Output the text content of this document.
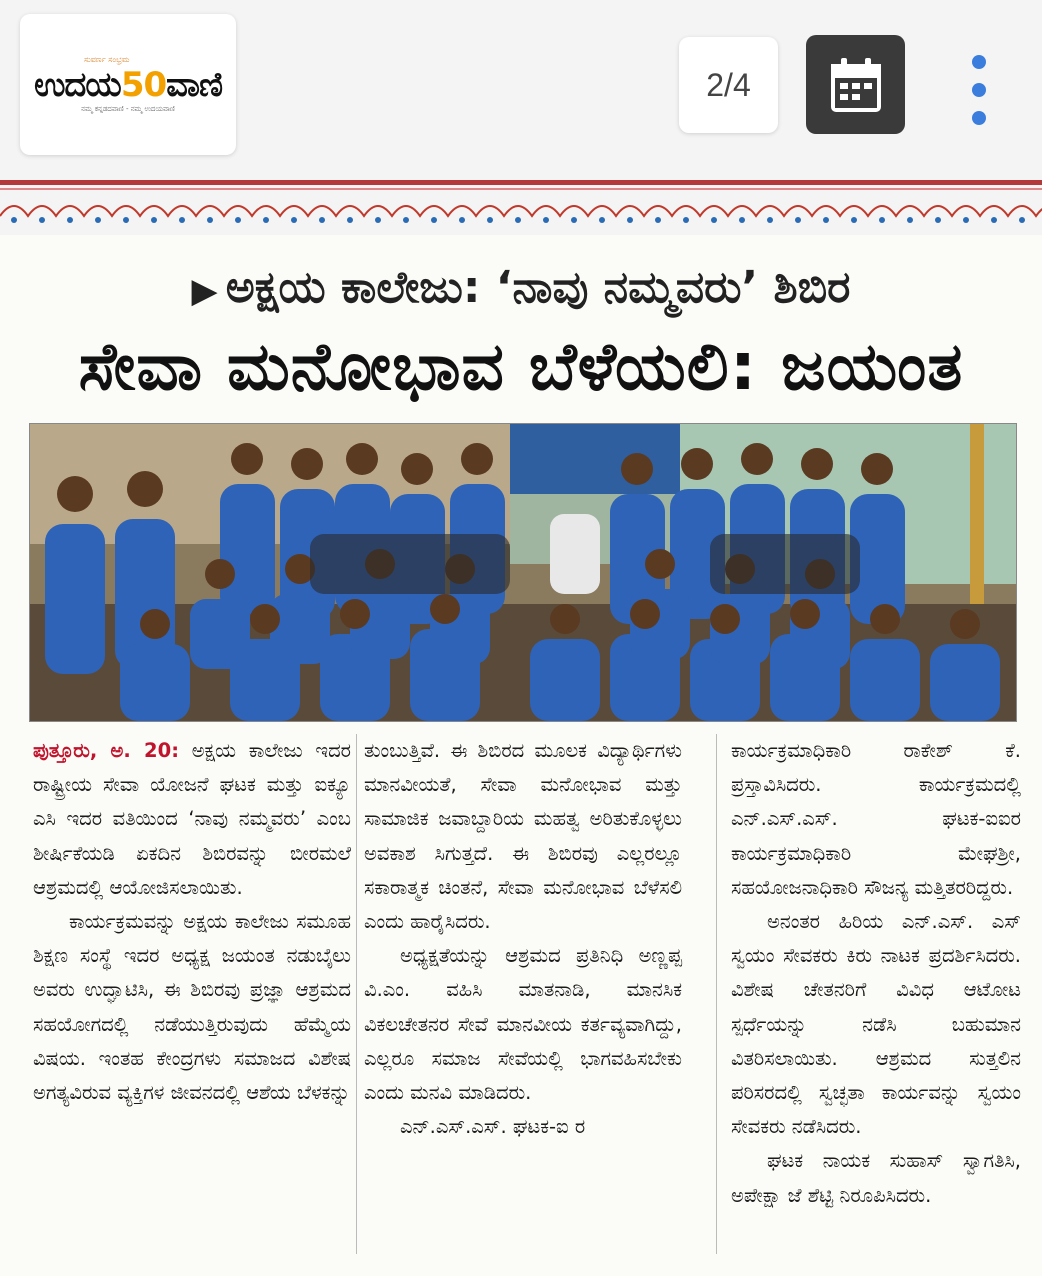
ಸುವರ್ಣ ಸಂಭ್ರಮ
ಉದಯ50ವಾಣಿ
ನಮ್ಮ ಕನ್ನಡದವಾಣಿ - ನಮ್ಮ ಉದಯವಾಣಿ
2/4
▶ ಅಕ್ಷಯ ಕಾಲೇಜು: ‘ನಾವು ನಮ್ಮವರು’ ಶಿಬಿರ
ಸೇವಾ ಮನೋಭಾವ ಬೆಳೆಯಲಿ: ಜಯಂತ

ಪುತ್ತೂರು, ಅ. 20: ಅಕ್ಷಯ ಕಾಲೇಜು ಇದರ ರಾಷ್ಟ್ರೀಯ ಸೇವಾ ಯೋಜನೆ ಘಟಕ ಮತ್ತು ಐಕ್ಯೂ ಎಸಿ ಇದರ ವತಿಯಿಂದ ‘ನಾವು ನಮ್ಮವರು’ ಎಂಬ ಶೀರ್ಷಿಕೆಯಡಿ ಏಕದಿನ ಶಿಬಿರವನ್ನು ಬೀರಮಲೆ ಆಶ್ರಮದಲ್ಲಿ ಆಯೋಜಿಸಲಾಯಿತು.

ಕಾರ್ಯಕ್ರಮವನ್ನು ಅಕ್ಷಯ ಕಾಲೇಜು ಸಮೂಹ ಶಿಕ್ಷಣ ಸಂಸ್ಥೆ ಇದರ ಅಧ್ಯಕ್ಷ ಜಯಂತ ನಡುಬೈಲು ಅವರು ಉದ್ಘಾಟಿಸಿ, ಈ ಶಿಬಿರವು ಪ್ರಜ್ಞಾ ಆಶ್ರಮದ ಸಹಯೋಗದಲ್ಲಿ ನಡೆಯುತ್ತಿರುವುದು ಹೆಮ್ಮೆಯ ವಿಷಯ. ಇಂತಹ ಕೇಂದ್ರಗಳು ಸಮಾಜದ ವಿಶೇಷ ಅಗತ್ಯವಿರುವ ವ್ಯಕ್ತಿಗಳ ಜೀವನದಲ್ಲಿ ಆಶೆಯ ಬೆಳಕನ್ನು

ತುಂಬುತ್ತಿವೆ. ಈ ಶಿಬಿರದ ಮೂಲಕ ವಿದ್ಯಾರ್ಥಿಗಳು ಮಾನವೀಯತೆ, ಸೇವಾ ಮನೋಭಾವ ಮತ್ತು ಸಾಮಾಜಿಕ ಜವಾಬ್ದಾರಿಯ ಮಹತ್ವ ಅರಿತುಕೊಳ್ಳಲು ಅವಕಾಶ ಸಿಗುತ್ತದೆ. ಈ ಶಿಬಿರವು ಎಲ್ಲರಲ್ಲೂ ಸಕಾರಾತ್ಮಕ ಚಿಂತನೆ, ಸೇವಾ ಮನೋಭಾವ ಬೆಳೆಸಲಿ ಎಂದು ಹಾರೈಸಿದರು.

ಅಧ್ಯಕ್ಷತೆಯನ್ನು ಆಶ್ರಮದ ಪ್ರತಿನಿಧಿ ಅಣ್ಣಪ್ಪ ವಿ.ಎಂ. ವಹಿಸಿ ಮಾತನಾಡಿ, ಮಾನಸಿಕ ವಿಕಲಚೇತನರ ಸೇವೆ ಮಾನವೀಯ ಕರ್ತವ್ಯವಾಗಿದ್ದು, ಎಲ್ಲರೂ ಸಮಾಜ ಸೇವೆಯಲ್ಲಿ ಭಾಗವಹಿಸಬೇಕು ಎಂದು ಮನವಿ ಮಾಡಿದರು.

ಎನ್.ಎಸ್.ಎಸ್. ಘಟಕ-ಐ ರ

ಕಾರ್ಯಕ್ರಮಾಧಿಕಾರಿ ರಾಕೇಶ್ ಕೆ. ಪ್ರಸ್ತಾವಿಸಿದರು. ಕಾರ್ಯಕ್ರಮದಲ್ಲಿ ಎನ್.ಎಸ್.ಎಸ್. ಘಟಕ-ಐಐರ ಕಾರ್ಯಕ್ರಮಾಧಿಕಾರಿ ಮೇಘಶ್ರೀ, ಸಹಯೋಜನಾಧಿಕಾರಿ ಸೌಜನ್ಯ ಮತ್ತಿತರರಿದ್ದರು.

ಅನಂತರ ಹಿರಿಯ ಎನ್.ಎಸ್. ಎಸ್ ಸ್ವಯಂ ಸೇವಕರು ಕಿರು ನಾಟಕ ಪ್ರದರ್ಶಿಸಿದರು. ವಿಶೇಷ ಚೇತನರಿಗೆ ವಿವಿಧ ಆಟೋಟ ಸ್ಪರ್ಧೆಯನ್ನು ನಡೆಸಿ ಬಹುಮಾನ ವಿತರಿಸಲಾಯಿತು. ಆಶ್ರಮದ ಸುತ್ತಲಿನ ಪರಿಸರದಲ್ಲಿ ಸ್ವಚ್ಛತಾ ಕಾರ್ಯವನ್ನು ಸ್ವಯಂ ಸೇವಕರು ನಡೆಸಿದರು.

ಘಟಕ ನಾಯಕ ಸುಹಾಸ್ ಸ್ವಾಗತಿಸಿ, ಅಪೇಕ್ಷಾ ಜೆ ಶೆಟ್ಟಿ ನಿರೂಪಿಸಿದರು.
